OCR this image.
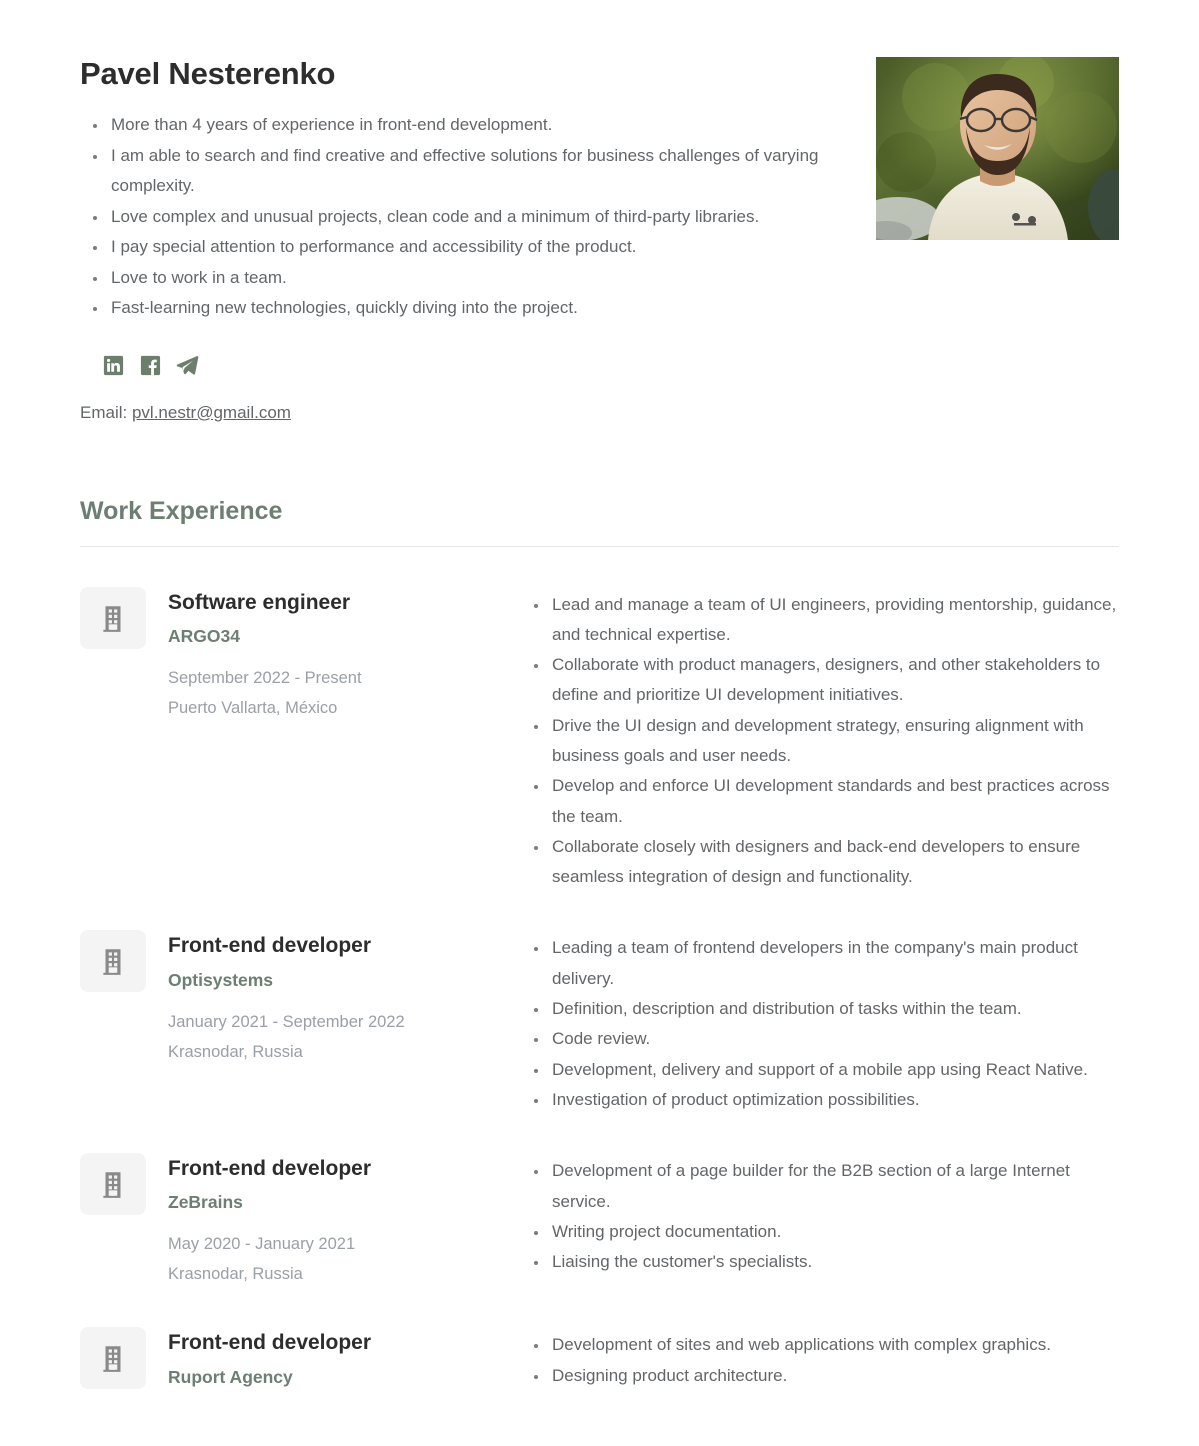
Pavel Nesterenko
More than 4 years of experience in front-end development.
I am able to search and find creative and effective solutions for business challenges of varying complexity.
Love complex and unusual projects, clean code and a minimum of third-party libraries.
I pay special attention to performance and accessibility of the product.
Love to work in a team.
Fast-learning new technologies, quickly diving into the project.
Email: pvl.nestr@gmail.com
Work Experience
Software engineer
ARGO34
September 2022 - Present
Puerto Vallarta, México
Lead and manage a team of UI engineers, providing mentorship, guidance, and technical expertise.
Collaborate with product managers, designers, and other stakeholders to define and prioritize UI development initiatives.
Drive the UI design and development strategy, ensuring alignment with business goals and user needs.
Develop and enforce UI development standards and best practices across the team.
Collaborate closely with designers and back-end developers to ensure seamless integration of design and functionality.
Front-end developer
Optisystems
January 2021 - September 2022
Krasnodar, Russia
Leading a team of frontend developers in the company's main product delivery.
Definition, description and distribution of tasks within the team.
Code review.
Development, delivery and support of a mobile app using React Native.
Investigation of product optimization possibilities.
Front-end developer
ZeBrains
May 2020 - January 2021
Krasnodar, Russia
Development of a page builder for the B2B section of a large Internet service.
Writing project documentation.
Liaising the customer's specialists.
Front-end developer
Ruport Agency
Development of sites and web applications with complex graphics.
Designing product architecture.
